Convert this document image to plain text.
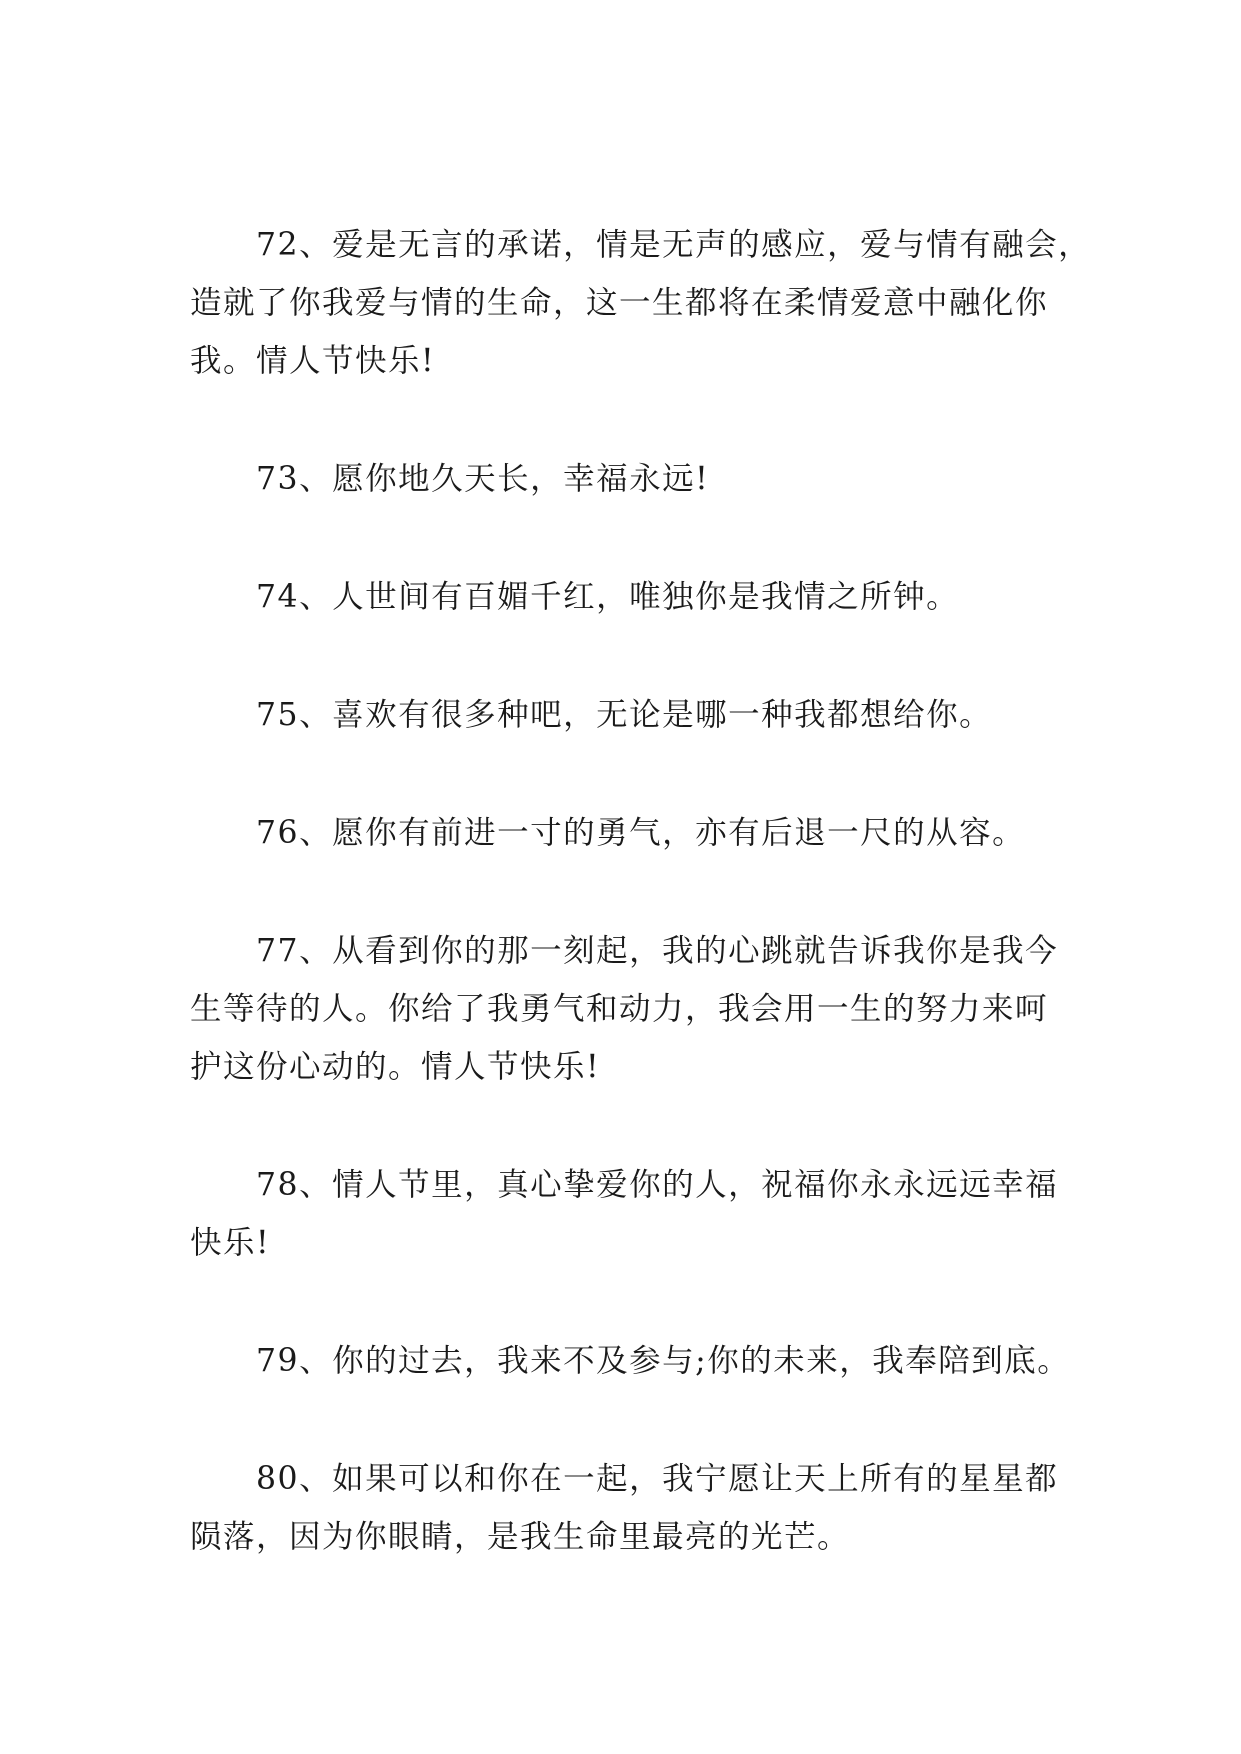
72、爱是无言的承诺，情是无声的感应，爱与情有融会，
造就了你我爱与情的生命，这一生都将在柔情爱意中融化你
我。情人节快乐!

73、愿你地久天长，幸福永远!

74、人世间有百媚千红，唯独你是我情之所钟。

75、喜欢有很多种吧，无论是哪一种我都想给你。

76、愿你有前进一寸的勇气，亦有后退一尺的从容。

77、从看到你的那一刻起，我的心跳就告诉我你是我今
生等待的人。你给了我勇气和动力，我会用一生的努力来呵
护这份心动的。情人节快乐!

78、情人节里，真心挚爱你的人，祝福你永永远远幸福
快乐!

79、你的过去，我来不及参与;你的未来，我奉陪到底。

80、如果可以和你在一起，我宁愿让天上所有的星星都
陨落，因为你眼睛，是我生命里最亮的光芒。
